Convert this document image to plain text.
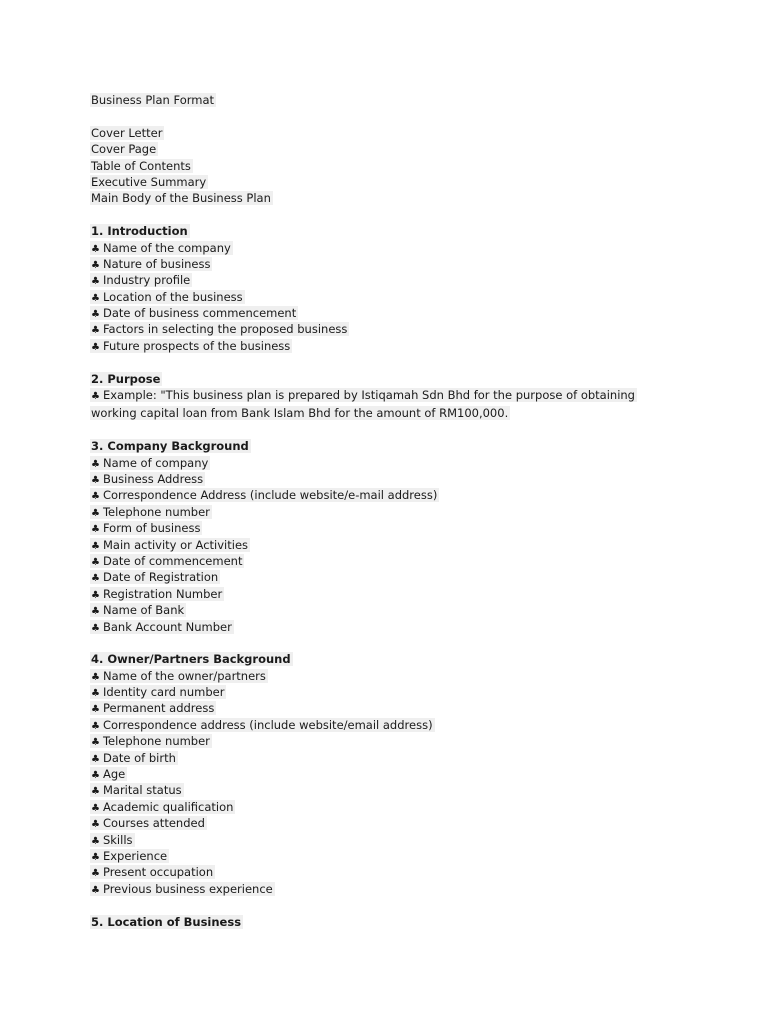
Business Plan Format
Cover Letter
Cover Page
Table of Contents
Executive Summary
Main Body of the Business Plan
1. Introduction
♣ Name of the company
♣ Nature of business
♣ Industry profile
♣ Location of the business
♣ Date of business commencement
♣ Factors in selecting the proposed business
♣ Future prospects of the business
2. Purpose
♣ Example: "This business plan is prepared by Istiqamah Sdn Bhd for the purpose of obtaining working capital loan from Bank Islam Bhd for the amount of RM100,000.
3. Company Background
♣ Name of company
♣ Business Address
♣ Correspondence Address (include website/e-mail address)
♣ Telephone number
♣ Form of business
♣ Main activity or Activities
♣ Date of commencement
♣ Date of Registration
♣ Registration Number
♣ Name of Bank
♣ Bank Account Number
4. Owner/Partners Background
♣ Name of the owner/partners
♣ Identity card number
♣ Permanent address
♣ Correspondence address (include website/email address)
♣ Telephone number
♣ Date of birth
♣ Age
♣ Marital status
♣ Academic qualification
♣ Courses attended
♣ Skills
♣ Experience
♣ Present occupation
♣ Previous business experience
5. Location of Business
